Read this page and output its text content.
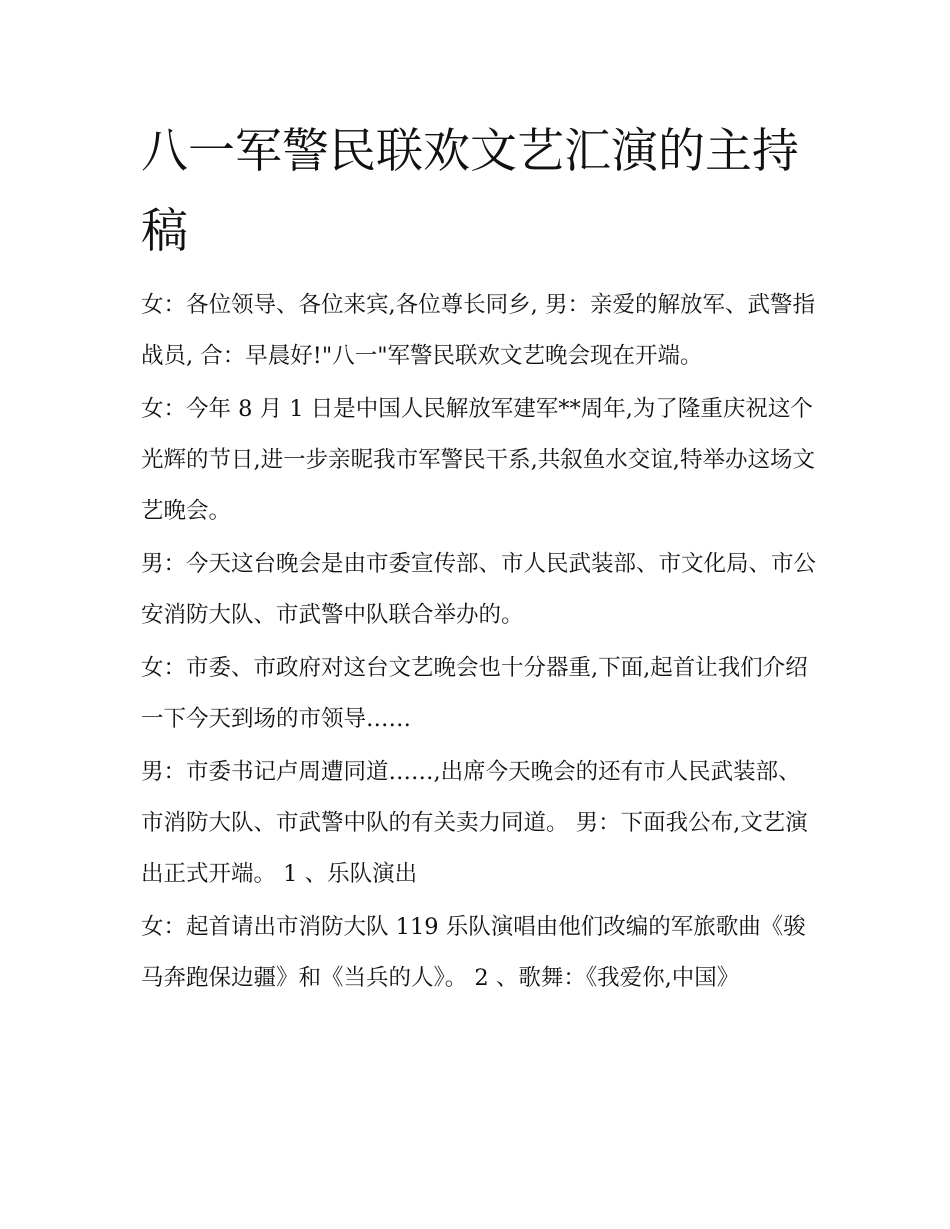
八一军警民联欢文艺汇演的主持稿

女：各位领导、各位来宾,各位尊长同乡, 男：亲爱的解放军、武警指战员, 合：早晨好!"八一"军警民联欢文艺晚会现在开端。

女：今年 8 月 1 日是中国人民解放军建军**周年,为了隆重庆祝这个光辉的节日,进一步亲昵我市军警民干系,共叙鱼水交谊,特举办这场文艺晚会。

男：今天这台晚会是由市委宣传部、市人民武装部、市文化局、市公安消防大队、市武警中队联合举办的。

女：市委、市政府对这台文艺晚会也十分器重,下面,起首让我们介绍一下今天到场的市领导……

男：市委书记卢周遭同道……,出席今天晚会的还有市人民武装部、市消防大队、市武警中队的有关卖力同道。 男：下面我公布,文艺演出正式开端。 1 、乐队演出

女：起首请出市消防大队 119 乐队演唱由他们改编的军旅歌曲《骏马奔跑保边疆》和《当兵的人》。 2 、歌舞：《我爱你,中国》
